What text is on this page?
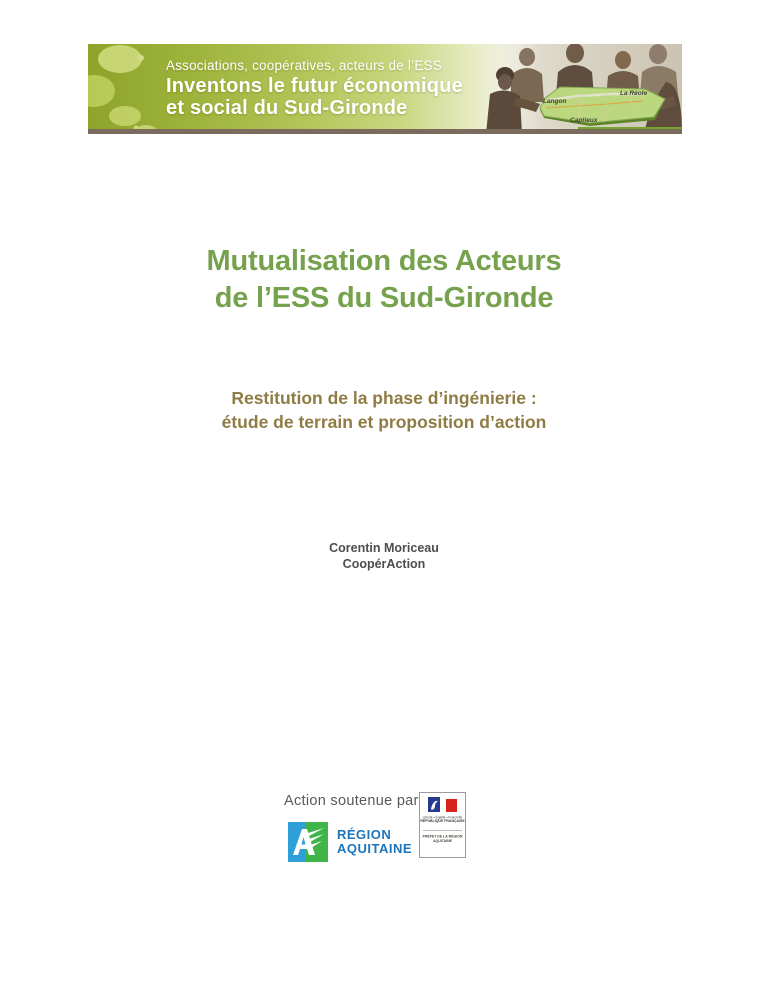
Associations, coopératives, acteurs de l’ESS
Inventons le futur économique
et social du Sud-Gironde	Langon
La Réole
Captieux
Mutualisation des Acteurs
de l’ESS du Sud-Gironde
Restitution de la phase d’ingénierie :
étude de terrain et proposition d’action
Corentin Moriceau
CoopérAction
Action soutenue par
RÉGION
AQUITAINE
Liberté • Égalité • Fraternité
RÉPUBLIQUE FRANÇAISE
PRÉFET DE LA RÉGION
AQUITAINE
